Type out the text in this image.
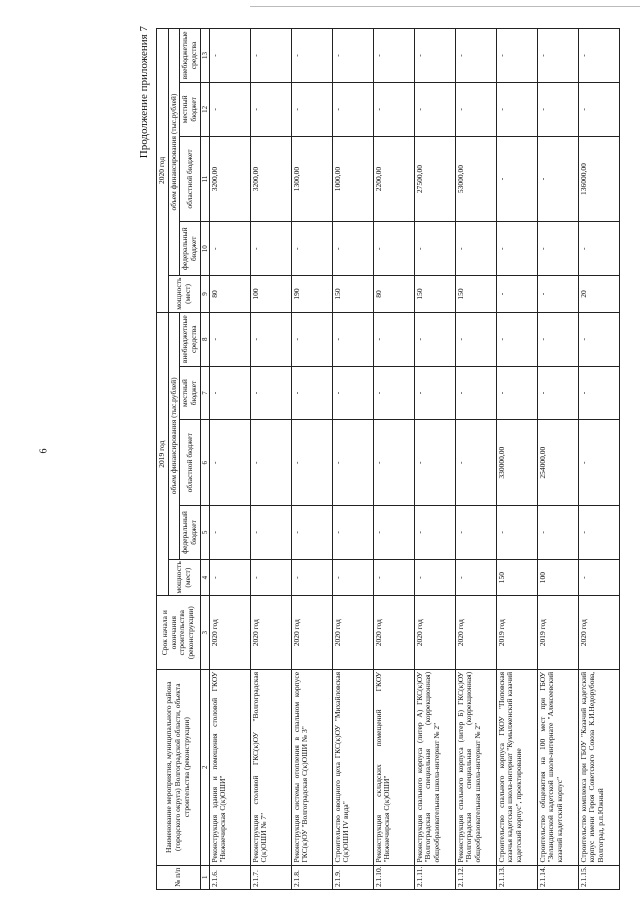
6
Продолжение приложения 7
№ п/п	Наименование мероприятия, муниципального района (городского округа) Волгоградской области, объекта строительства (реконструкции)	Срок начала и окончания строительства (реконструкции)	2019 год					2020 год				
			мощность (мест)	объем финансирования (тыс.рублей)				мощность (мест)	объем финансирования (тыс.рублей)			
				федеральный бюджет	областной бюджет	местный бюджет	внебюджетные средства		федеральный бюджет	областной бюджет	местный бюджет	внебюджетные средства
1	2	3	4	5	6	7	8	9	10	11	12	13
2.1.6.	Реконструкция здания и помещения столовой ГКОУ "Нижнечирская С(к)ОШИ"	2020 год	-	-	-	-	-	80	-	3200,00	-	-
2.1.7.	Реконструкция столовой ГКС(к)ОУ "Волгоградская С(к)ОШИ № 7"	2020 год	-	-	-	-	-	100	-	3200,00	-	-
2.1.8.	Реконструкция системы отопления в спальном корпусе ГКС(к)ОУ "Волгоградская С(к)ОШИ № 3"	2020 год	-	-	-	-	-	190	-	1300,00	-	-
2.1.9.	Строительство овощного цеха ГКС(к)ОУ "Михайловская С(к)ОШИ IV вида"	2020 год	-	-	-	-	-	150	-	1000,00	-	-
2.1.10.	Реконструкция складских помещений ГКОУ "Нижнечирская С(к)ОШИ"	2020 год	-	-	-	-	-	80	-	2200,00	-	-
2.1.11.	Реконструкция спального корпуса (литер А) ГКС(к)ОУ "Волгоградская специальная (коррекционная) общеобразовательная школа-интернат № 2"	2020 год	-	-	-	-	-	150	-	27500,00	-	-
2.1.12.	Реконструкция спального корпуса (литер Б) ГКС(к)ОУ "Волгоградская специальная (коррекционная) общеобразовательная школа-интернат № 2"	2020 год	-	-	-	-	-	150	-	53000,00	-	-
2.1.13.	Строительство спального корпуса ГКОУ "Поповская казачья кадетская школа-интернат "Кумылженский казачий кадетский корпус", проектирование	2019 год	150	-	330000,00	-	-	-	-	-	-	-
2.1.14.	Строительство общежития на 100 мест при ГБОУ "Зеландинской кадетской школе-интернате "Алексеевский казачий кадетский корпус"	2019 год	100	-	254000,00	-	-	-	-	-	-	-
2.1.15.	Строительство комплекса при ГБОУ "Казачий кадетский корпус имени Героя Советского Союза К.И.Недорубова, Волгоград, р.п.Южный	2020 год	-	-	-	-	-	20	-	136000,00	-	-
